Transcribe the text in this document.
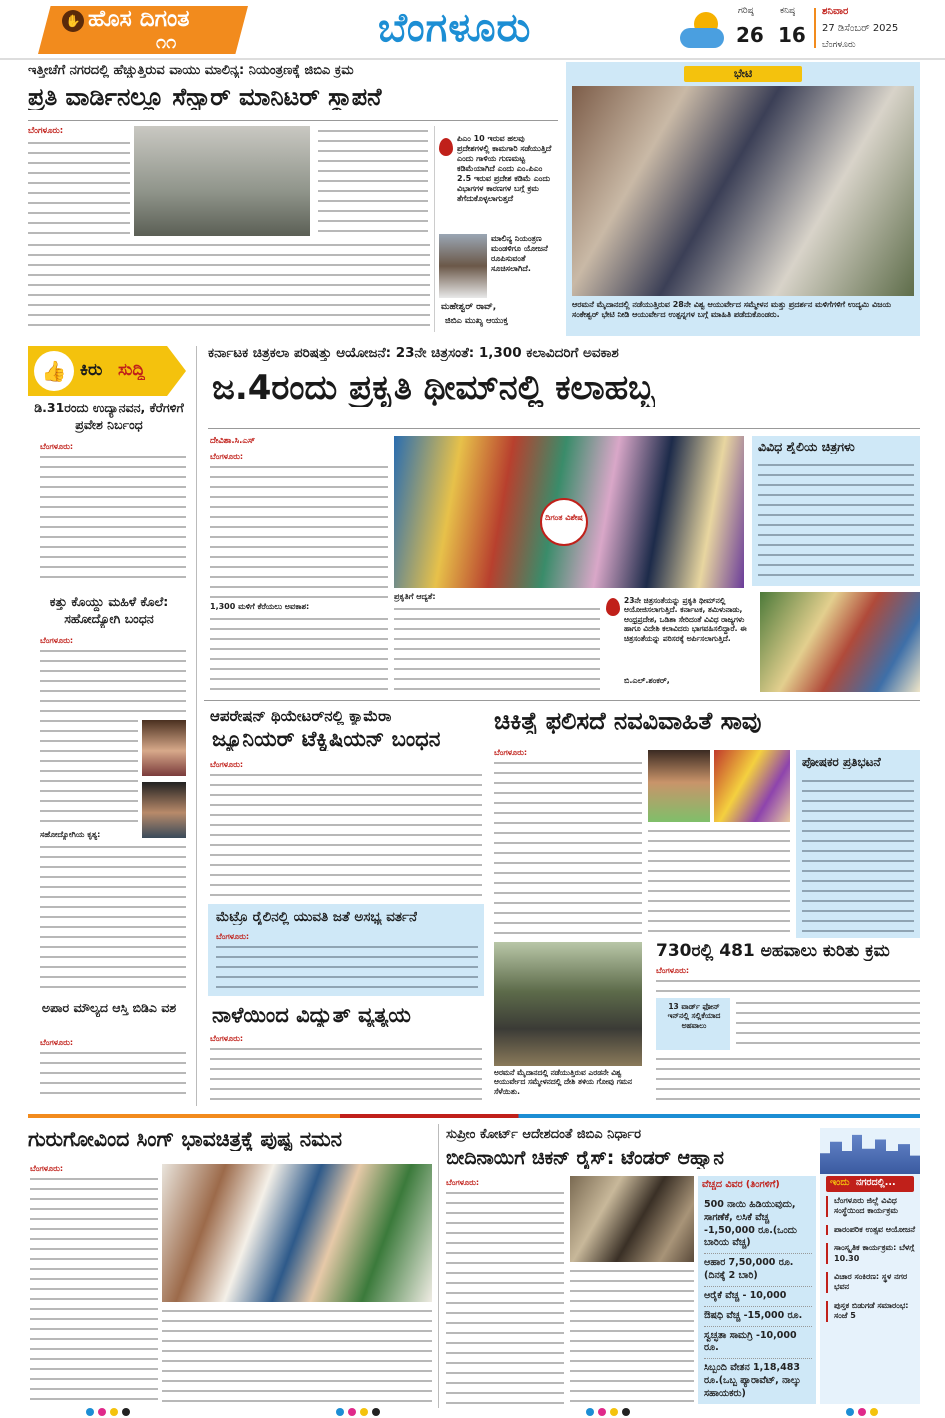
✋ ಹೊಸ ದಿಗಂತ
೧೧	ಬೆಂಗಳೂರು	ಗರಿಷ್ಠ
26
ಕನಿಷ್ಠ
16
ಶನಿವಾರ
27 ಡಿಸೆಂಬರ್ 2025
ಬೆಂಗಳೂರು
ಇತ್ತೀಚೆಗೆ ನಗರದಲ್ಲಿ ಹೆಚ್ಚುತ್ತಿರುವ ವಾಯು ಮಾಲಿನ್ಯ: ನಿಯಂತ್ರಣಕ್ಕೆ ಜಿಬಿಎ ಕ್ರಮ
ಪ್ರತಿ ವಾರ್ಡಿನಲ್ಲೂ ಸೆನ್ಸಾರ್ ಮಾನಿಟರ್ ಸ್ಥಾಪನೆ
ಬೆಂಗಳೂರು:
ಪಿಎಂ 10 ಇರುವ ಹಲವು ಪ್ರದೇಶಗಳಲ್ಲಿ ಕಾಮಗಾರಿ ಸಡೆಯುತ್ತಿದೆ ಎಂದು ಗಾಳಿಯ ಗುಣಮಟ್ಟ ಕಡಿಮೆಯಾಗಿದೆ ಎಂದು ಎಂ.ಪಿಎಂ 2.5 ಇರುವ ಪ್ರದೇಶ ಕಡಿಮೆ ಎಂದು ವಿಭಾಗಗಳ ಕಾರಣಗಳ ಬಗ್ಗೆ ಕ್ರಮ ತೆಗೆದುಕೊಳ್ಳಲಾಗುತ್ತದೆ
ಮಾಲಿನ್ಯ ನಿಯಂತ್ರಣ ಮಂಡಳಿಗೂ ಯೋಜನೆ ರೂಪಿಸುವಂತೆ ಸೂಚಿಸಲಾಗಿದೆ.
ಮಹೇಶ್ವರ್ ರಾವ್,
ಜಿಬಿಎ ಮುಖ್ಯ ಆಯುಕ್ತ
ಭೇಟಿ
ಆರಮನೆ ಮೈದಾನದಲ್ಲಿ ನಡೆಯುತ್ತಿರುವ 28ನೇ ವಿಶ್ವ ಆಯುರ್ವೇದ ಸಮ್ಮೇಳನ ಮತ್ತು ಪ್ರದರ್ಶನ ಮಳಿಗೆಗಳಿಗೆ ಉದ್ಯಮಿ ವಿಜಯ ಸಂಕೇಶ್ವರ್ ಭೇಟಿ ನೀಡಿ ಆಯುರ್ವೇದ ಉತ್ಪನ್ನಗಳ ಬಗ್ಗೆ ಮಾಹಿತಿ ಪಡೆದುಕೊಂಡರು.
👍 ಕಿರು ಸುದ್ದಿ
ಡಿ.31ರಂದು ಉದ್ಯಾನವನ, ಕೆರೆಗಳಿಗೆ ಪ್ರವೇಶ ನಿರ್ಬಂಧ
ಬೆಂಗಳೂರು:
ಕತ್ತು ಕೊಯ್ದು ಮಹಿಳೆ ಕೊಲೆ: ಸಹೋದ್ಯೋಗಿ ಬಂಧನ
ಬೆಂಗಳೂರು:
ಸಹೋದ್ಯೋಗಿಯ ಕೃತ್ಯ:
ಅಪಾರ ಮೌಲ್ಯದ ಆಸ್ತಿ ಬಿಡಿಎ ವಶ
ಬೆಂಗಳೂರು:
ಕರ್ನಾಟಕ ಚಿತ್ರಕಲಾ ಪರಿಷತ್ತು ಆಯೋಜನೆ: 23ನೇ ಚಿತ್ರಸಂತೆ: 1,300 ಕಲಾವಿದರಿಗೆ ಅವಕಾಶ
ಜ.4ರಂದು ಪ್ರಕೃತಿ ಥೀಮ್‌ನಲ್ಲಿ ಕಲಾಹಬ್ಬ
ದೇವಿಶಾ.ಸಿ.ಎಸ್
ಬೆಂಗಳೂರು:
1,300 ಮಳಿಗೆ ಕೆರೆಯಲು ಅವಕಾಶ:
ದಿಗಂತ ವಿಶೇಷ
ಪ್ರಕೃತಿಗೆ ಆದ್ಯತೆ:	23ನೇ ಚಿತ್ರಸಂತೆಯನ್ನು ಪ್ರಕೃತಿ ಥೀಮ್‌ನಲ್ಲಿ ಆಯೋಜಿಸಲಾಗುತ್ತಿದೆ. ಕರ್ನಾಟಕ, ತಮಿಳುನಾಡು, ಆಂಧ್ರಪ್ರದೇಶ, ಒಡಿಶಾ ಸೇರಿದಂತೆ ವಿವಿಧ ರಾಜ್ಯಗಳು ಹಾಗೂ ವಿದೇಶಿ ಕಲಾವಿದರು ಭಾಗವಹಿಸಲಿದ್ದಾರೆ. ಈ ಚಿತ್ರಸಂತೆಯನ್ನು ಪರಿಸರಕ್ಕೆ ಅರ್ಪಿಸಲಾಗುತ್ತಿದೆ.
ಬಿ.ಎಲ್.ಶಂಕರ್,
ವಿವಿಧ ಶೈಲಿಯ ಚಿತ್ರಗಳು
ಆಪರೇಷನ್ ಥಿಯೇಟರ್‌ನಲ್ಲಿ ಕ್ಯಾಮೆರಾ
ಜ್ಯೂನಿಯರ್ ಟೆಕ್ನಿಷಿಯನ್ ಬಂಧನ
ಬೆಂಗಳೂರು:
ಮೆಟ್ರೊ ರೈಲಿನಲ್ಲಿ ಯುವತಿ ಜತೆ ಅಸಭ್ಯ ವರ್ತನೆ
ಬೆಂಗಳೂರು:
ನಾಳೆಯಿಂದ ವಿದ್ಯುತ್ ವ್ಯತ್ಯಯ
ಬೆಂಗಳೂರು:
ಚಿಕಿತ್ಸೆ ಫಲಿಸದೆ ನವವಿವಾಹಿತೆ ಸಾವು
ಬೆಂಗಳೂರು:
ಪೋಷಕರ ಪ್ರತಿಭಟನೆ
ಅರಮನೆ ಮೈದಾನದಲ್ಲಿ ನಡೆಯುತ್ತಿರುವ ಎರಡನೇ ವಿಶ್ವ ಆಯುರ್ವೇದ ಸಮ್ಮೇಳನದಲ್ಲಿ ದೇಶಿ ತಳಿಯ ಗೋವು ಗಮನ ಸೆಳೆಯಿತು.
730ರಲ್ಲಿ 481 ಅಹವಾಲು ಕುರಿತು ಕ್ರಮ
ಬೆಂಗಳೂರು:
13 ವಾರ್ಡ್ ಫೋನ್ ಇನ್‌ನಲ್ಲಿ ಸಲ್ಲಿಕೆಯಾದ ಅಹವಾಲು
ಗುರುಗೋವಿಂದ ಸಿಂಗ್ ಭಾವಚಿತ್ರಕ್ಕೆ ಪುಷ್ಪ ನಮನ
ಬೆಂಗಳೂರು:
ಸುಪ್ರೀಂ ಕೋರ್ಟ್ ಆದೇಶದಂತೆ ಜಿಬಿಎ ನಿರ್ಧಾರ
ಬೀದಿನಾಯಿಗೆ ಚಿಕನ್ ರೈಸ್: ಟೆಂಡರ್ ಆಹ್ವಾನ
ಬೆಂಗಳೂರು:	ವೆಚ್ಚದ ವಿವರ (ತಿಂಗಳಿಗೆ)
500 ನಾಯಿ ಹಿಡಿಯುವುದು, ಸಾಗಣೆಕೆ, ಲಸಿಕೆ ವೆಚ್ಚ -1,50,000 ರೂ.(ಒಂದು ಬಾರಿಯ ವೆಚ್ಚ)
ಆಹಾರ 7,50,000 ರೂ.(ದಿನಕ್ಕೆ 2 ಬಾರಿ)
ಆರೈಕೆ ವೆಚ್ಚ - 10,000
ಔಷಧಿ ವೆಚ್ಚ -15,000 ರೂ.
ಸ್ವಚ್ಛತಾ ಸಾಮಗ್ರಿ -10,000 ರೂ.
ಸಿಬ್ಬಂದಿ ವೇತನ 1,18,483 ರೂ.(ಒಬ್ಬ ಪ್ಯಾರಾವೆಟ್, ನಾಲ್ಕು ಸಹಾಯಕರು)
ಇಂದು ನಗರದಲ್ಲಿ...
ಬೆಂಗಳೂರು ಜಿಲ್ಲೆ ವಿವಿಧ ಸಂಸ್ಥೆಯಿಂದ ಕಾರ್ಯಕ್ರಮ
ಪಾರಂಪರಿಕ ಉತ್ಸವ ಆಯೋಜನೆ
ಸಾಂಸ್ಕೃತಿಕ ಕಾರ್ಯಕ್ರಮ: ಬೆಳಗ್ಗೆ 10.30
ವಿಚಾರ ಸಂಕಿರಣ: ಸ್ಥಳ ನಗರ ಭವನ
ಪುಸ್ತಕ ಬಿಡುಗಡೆ ಸಮಾರಂಭ: ಸಂಜೆ 5
